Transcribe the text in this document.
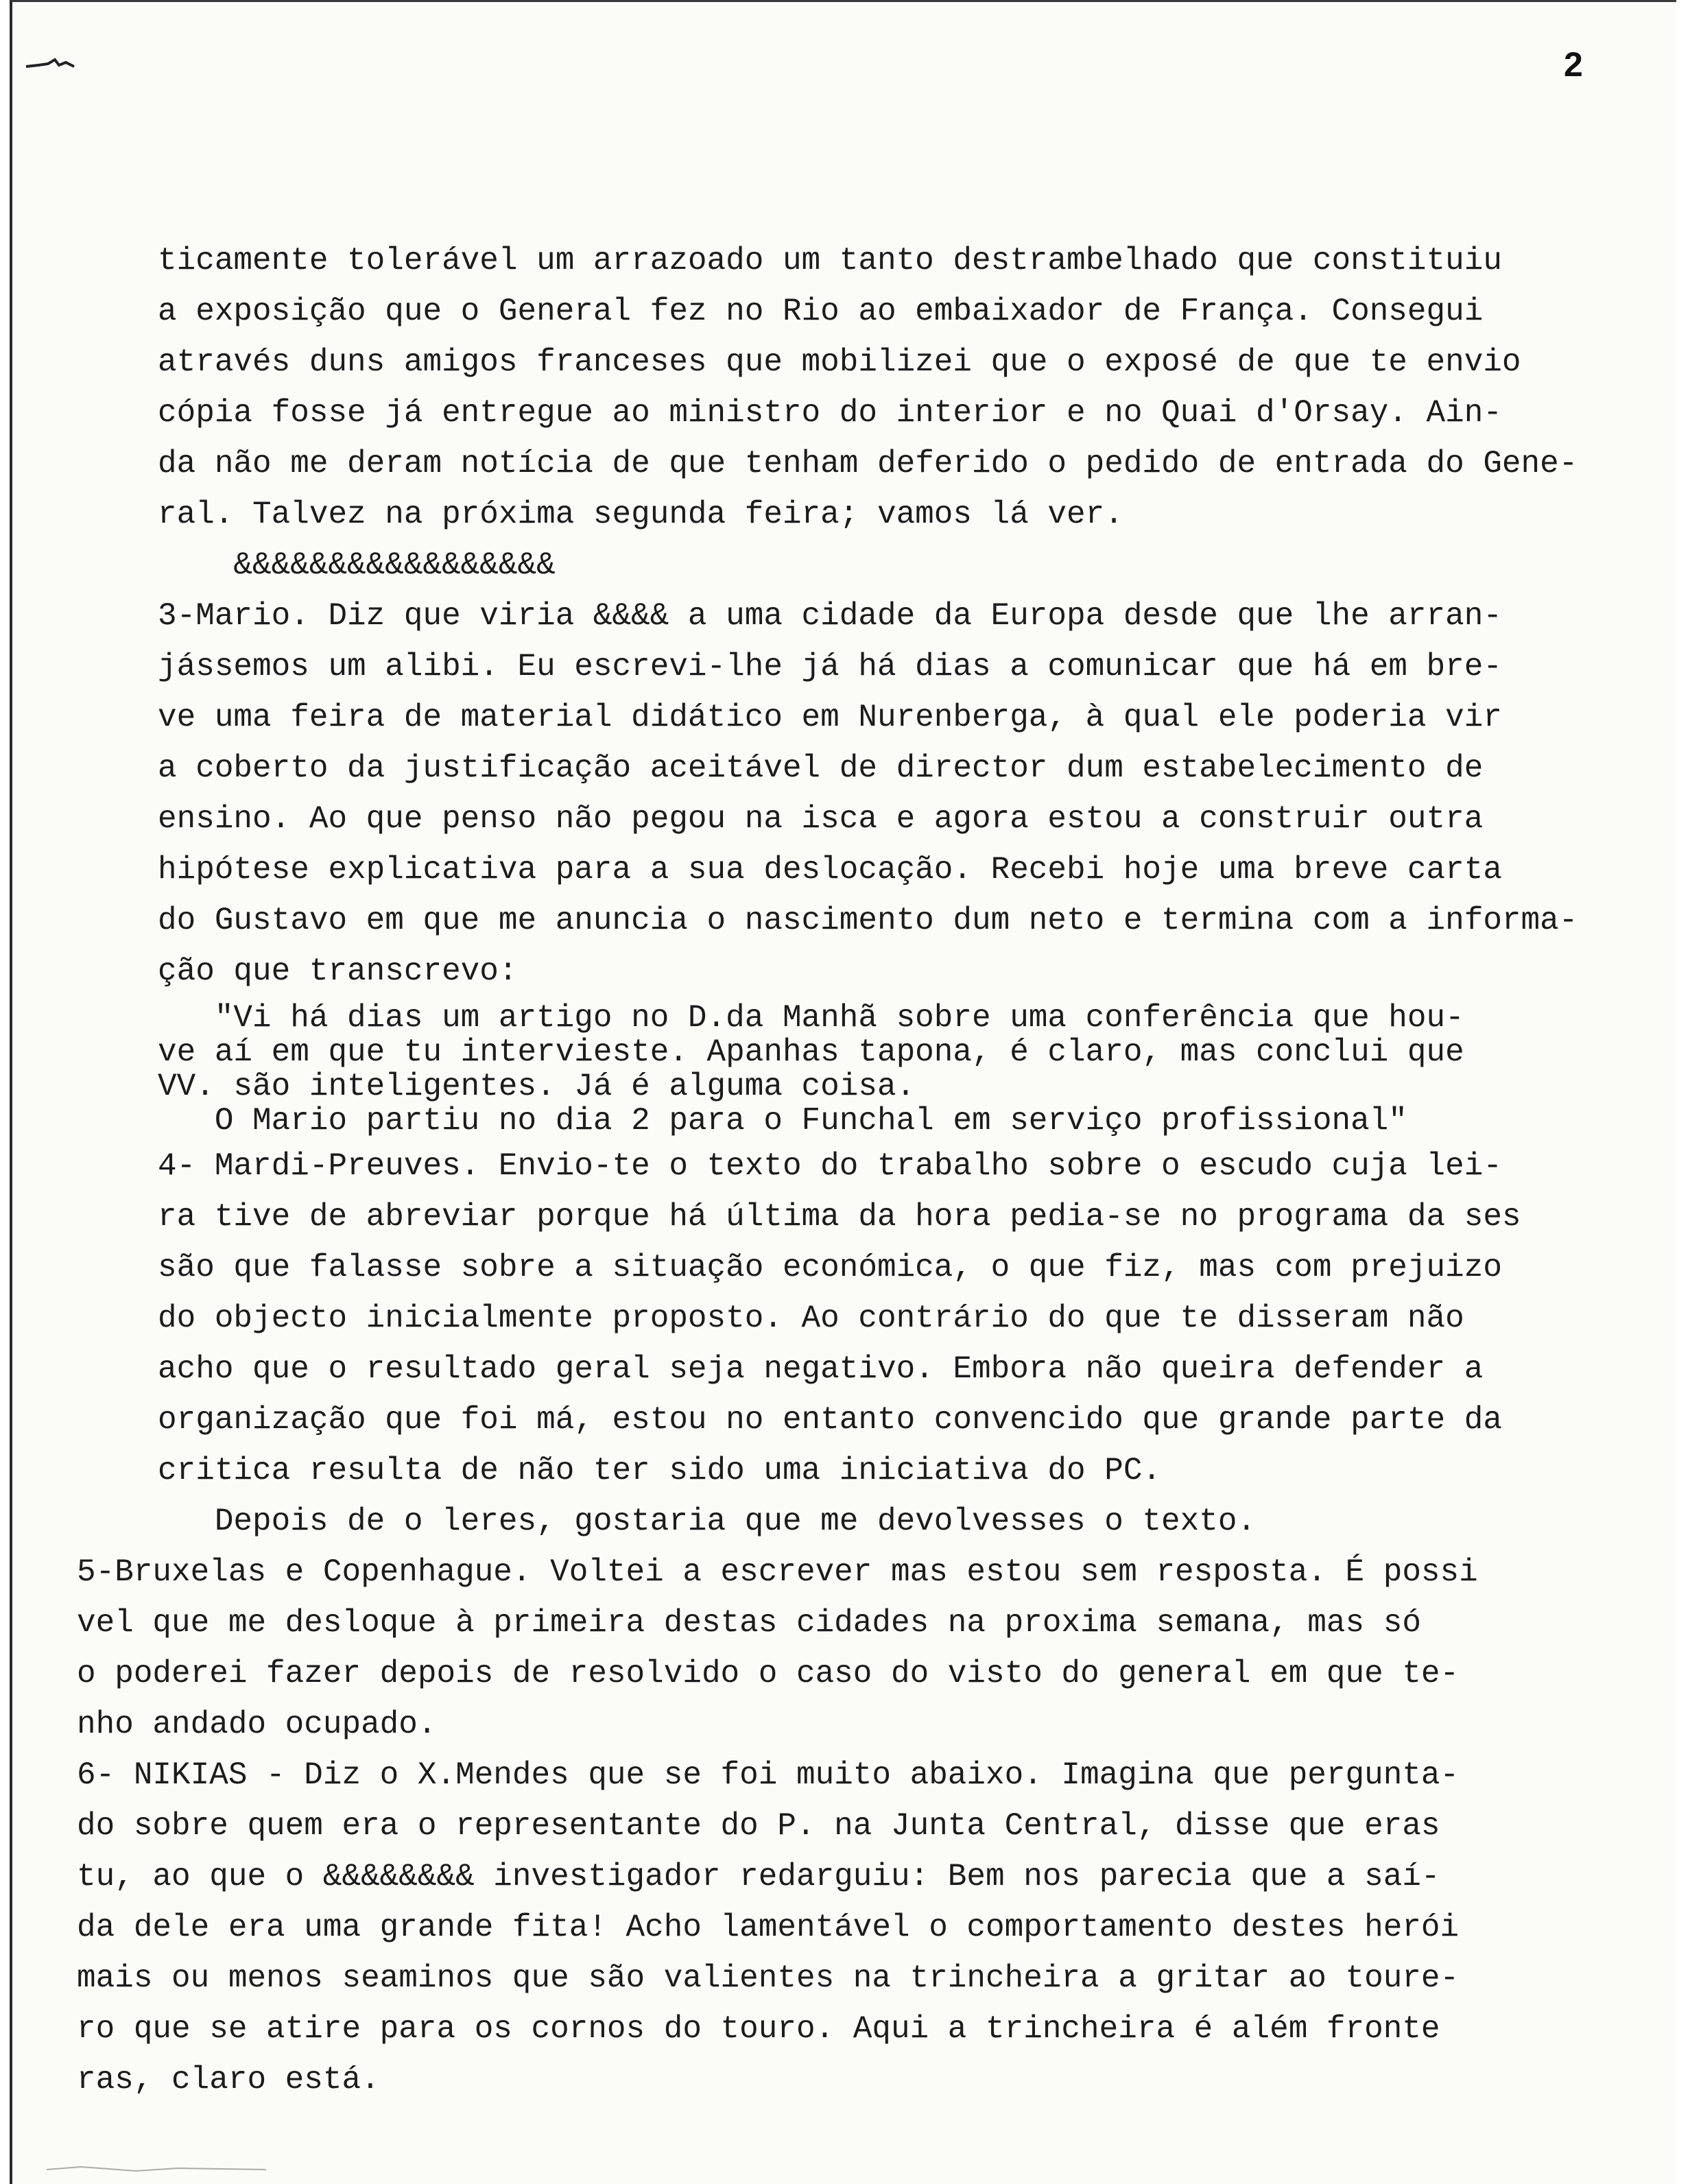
2
ticamente tolerável um arrazoado um tanto destrambelhado que constituiu
a exposição que o General fez no Rio ao embaixador de França. Consegui
através duns amigos franceses que mobilizei que o exposé de que te envio
cópia fosse já entregue ao ministro do interior e no Quai d'Orsay. Ain-
da não me deram notícia de que tenham deferido o pedido de entrada do Gene-
ral. Talvez na próxima segunda feira; vamos lá ver.
&&&&&&&&&&&&&&&&&
3-Mario. Diz que viria &&&& a uma cidade da Europa desde que lhe arran-
jássemos um alibi. Eu escrevi-lhe já há dias a comunicar que há em bre-
ve uma feira de material didático em Nurenberga, à qual ele poderia vir
a coberto da justificação aceitável de director dum estabelecimento de
ensino. Ao que penso não pegou na isca e agora estou a construir outra
hipótese explicativa para a sua deslocação. Recebi hoje uma breve carta
do Gustavo em que me anuncia o nascimento dum neto e termina com a informa-
ção que transcrevo:
"Vi há dias um artigo no D.da Manhã sobre uma conferência que hou-
ve aí em que tu intervieste. Apanhas tapona, é claro, mas conclui que
VV. são inteligentes. Já é alguma coisa.
O Mario partiu no dia 2 para o Funchal em serviço profissional"
4- Mardi-Preuves. Envio-te o texto do trabalho sobre o escudo cuja lei-
ra tive de abreviar porque há última da hora pedia-se no programa da ses
são que falasse sobre a situação económica, o que fiz, mas com prejuizo
do objecto inicialmente proposto. Ao contrário do que te disseram não
acho que o resultado geral seja negativo. Embora não queira defender a
organização que foi má, estou no entanto convencido que grande parte da
critica resulta de não ter sido uma iniciativa do PC.
Depois de o leres, gostaria que me devolvesses o texto.
5-Bruxelas e Copenhague. Voltei a escrever mas estou sem resposta. É possi
vel que me desloque à primeira destas cidades na proxima semana, mas só
o poderei fazer depois de resolvido o caso do visto do general em que te-
nho andado ocupado.
6- NIKIAS - Diz o X.Mendes que se foi muito abaixo. Imagina que pergunta-
do sobre quem era o representante do P. na Junta Central, disse que eras
tu, ao que o &&&&&&&& investigador redarguiu: Bem nos parecia que a saí-
da dele era uma grande fita! Acho lamentável o comportamento destes herói
mais ou menos seaminos que são valientes na trincheira a gritar ao toure-
ro que se atire para os cornos do touro. Aqui a trincheira é além fronte
ras, claro está.
